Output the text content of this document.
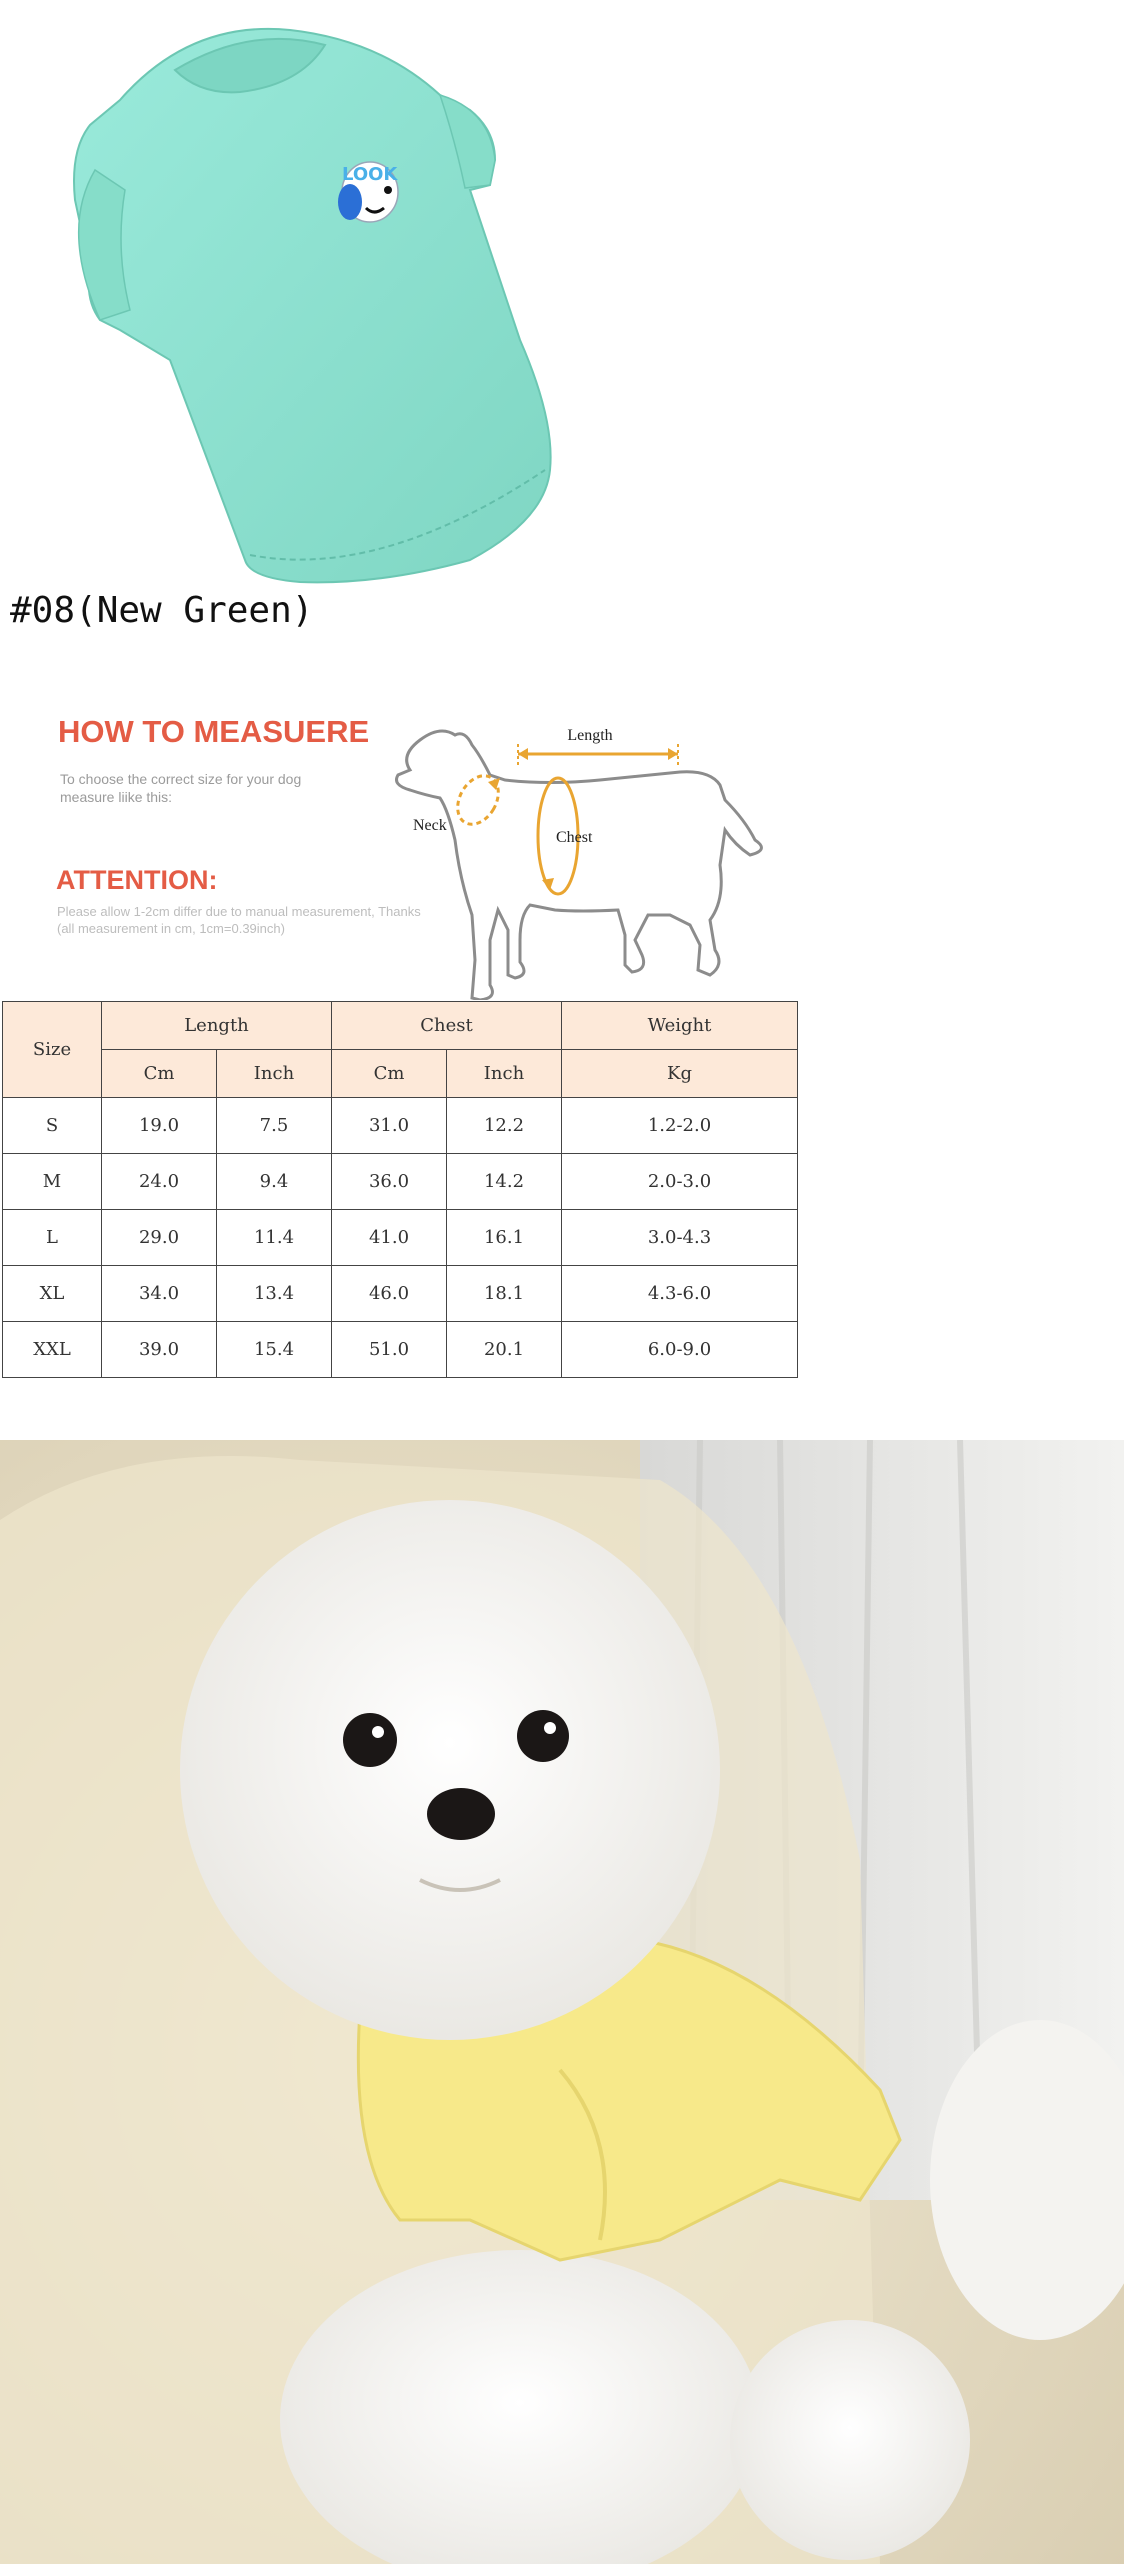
LOOK
#08(New Green)
HOW TO MEASUERE
To choose the correct size for your dog measure liike this:
ATTENTION:
Please allow 1-2cm differ due to manual measurement, Thanks (all measurement in cm, 1cm=0.39inch)
Length
Neck
Chest
Size	Length		Chest		Weight
	Cm	Inch	Cm	Inch	Kg
S	19.0	7.5	31.0	12.2	1.2-2.0
M	24.0	9.4	36.0	14.2	2.0-3.0
L	29.0	11.4	41.0	16.1	3.0-4.3
XL	34.0	13.4	46.0	18.1	4.3-6.0
XXL	39.0	15.4	51.0	20.1	6.0-9.0
